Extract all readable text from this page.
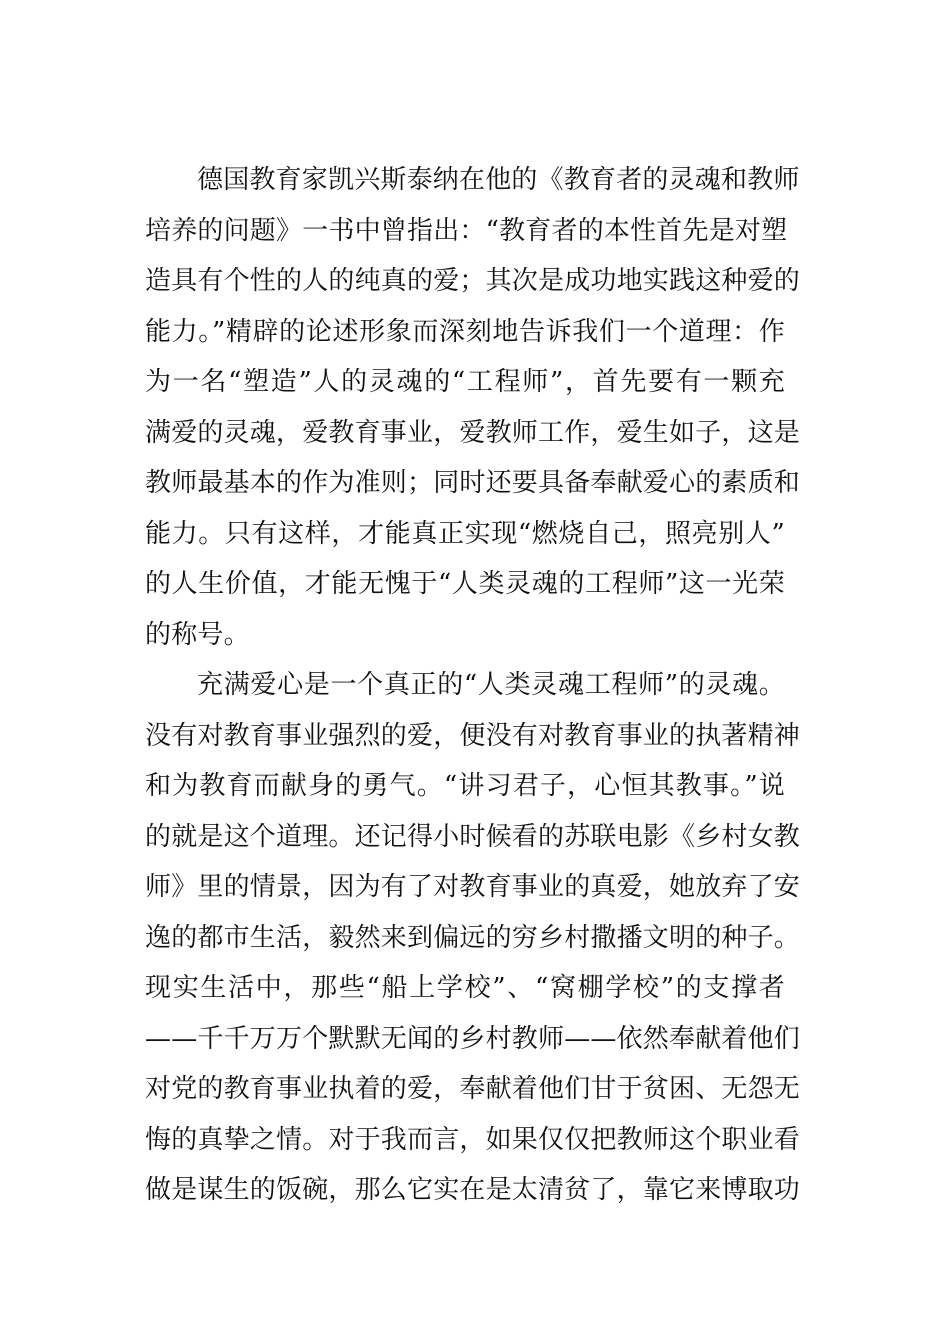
德国教育家凯兴斯泰纳在他的《教育者的灵魂和教师
培养的问题》一书中曾指出：“教育者的本性首先是对塑
造具有个性的人的纯真的爱；其次是成功地实践这种爱的
能力。”精辟的论述形象而深刻地告诉我们一个道理：作
为一名“塑造”人的灵魂的“工程师”，首先要有一颗充
满爱的灵魂，爱教育事业，爱教师工作，爱生如子，这是
教师最基本的作为准则；同时还要具备奉献爱心的素质和
能力。只有这样，才能真正实现“燃烧自己，照亮别人”
的人生价值，才能无愧于“人类灵魂的工程师”这一光荣
的称号。
充满爱心是一个真正的“人类灵魂工程师”的灵魂。
没有对教育事业强烈的爱，便没有对教育事业的执著精神
和为教育而献身的勇气。“讲习君子，心恒其教事。”说
的就是这个道理。还记得小时候看的苏联电影《乡村女教
师》里的情景，因为有了对教育事业的真爱，她放弃了安
逸的都市生活，毅然来到偏远的穷乡村撒播文明的种子。
现实生活中，那些“船上学校”、“窝棚学校”的支撑者
——千千万万个默默无闻的乡村教师——依然奉献着他们
对党的教育事业执着的爱，奉献着他们甘于贫困、无怨无
悔的真挚之情。对于我而言，如果仅仅把教师这个职业看
做是谋生的饭碗，那么它实在是太清贫了，靠它来博取功
